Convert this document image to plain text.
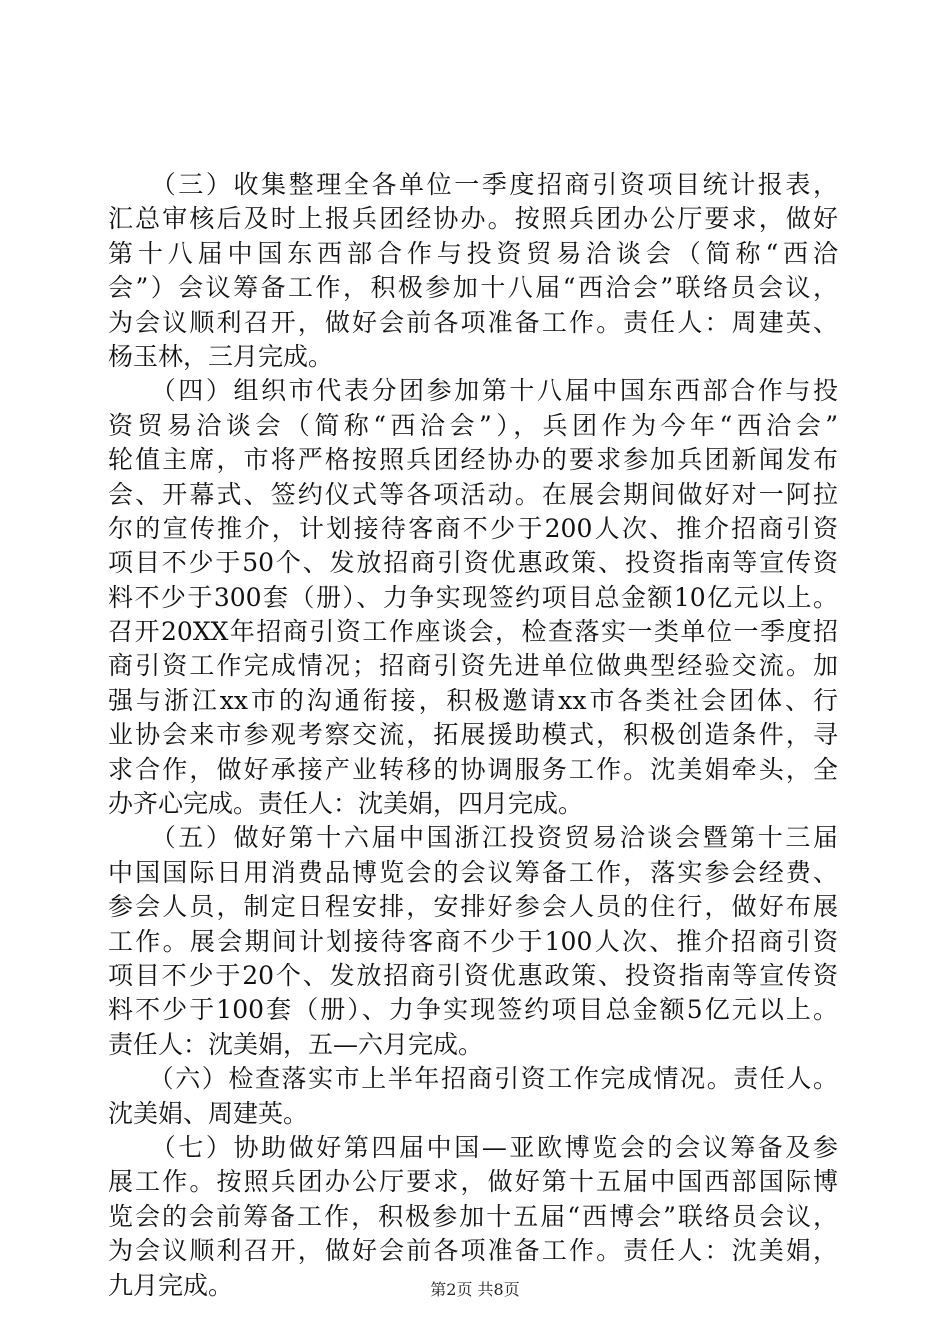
　　（三）收集整理全各单位一季度招商引资项目统计报表，
汇总审核后及时上报兵团经协办。按照兵团办公厅要求，做好
第十八届中国东西部合作与投资贸易洽谈会（简称“西洽
会”）会议筹备工作，积极参加十八届“西洽会”联络员会议，
为会议顺利召开，做好会前各项准备工作。责任人：周建英、
杨玉林，三月完成。
　　（四）组织市代表分团参加第十八届中国东西部合作与投
资贸易洽谈会（简称“西洽会”），兵团作为今年“西洽会”
轮值主席，市将严格按照兵团经协办的要求参加兵团新闻发布
会、开幕式、签约仪式等各项活动。在展会期间做好对一阿拉
尔的宣传推介，计划接待客商不少于200人次、推介招商引资
项目不少于50个、发放招商引资优惠政策、投资指南等宣传资
料不少于300套（册）、力争实现签约项目总金额10亿元以上。
召开20XX年招商引资工作座谈会，检查落实一类单位一季度招
商引资工作完成情况；招商引资先进单位做典型经验交流。加
强与浙江xx市的沟通衔接，积极邀请xx市各类社会团体、行
业协会来市参观考察交流，拓展援助模式，积极创造条件，寻
求合作，做好承接产业转移的协调服务工作。沈美娟牵头，全
办齐心完成。责任人：沈美娟，四月完成。
　　（五）做好第十六届中国浙江投资贸易洽谈会暨第十三届
中国国际日用消费品博览会的会议筹备工作，落实参会经费、
参会人员，制定日程安排，安排好参会人员的住行，做好布展
工作。展会期间计划接待客商不少于100人次、推介招商引资
项目不少于20个、发放招商引资优惠政策、投资指南等宣传资
料不少于100套（册）、力争实现签约项目总金额5亿元以上。
责任人：沈美娟，五—六月完成。
　　（六）检查落实市上半年招商引资工作完成情况。责任人。
沈美娟、周建英。
　　（七）协助做好第四届中国—亚欧博览会的会议筹备及参
展工作。按照兵团办公厅要求，做好第十五届中国西部国际博
览会的会前筹备工作，积极参加十五届“西博会”联络员会议，
为会议顺利召开，做好会前各项准备工作。责任人：沈美娟，
九月完成。	第2页 共8页
